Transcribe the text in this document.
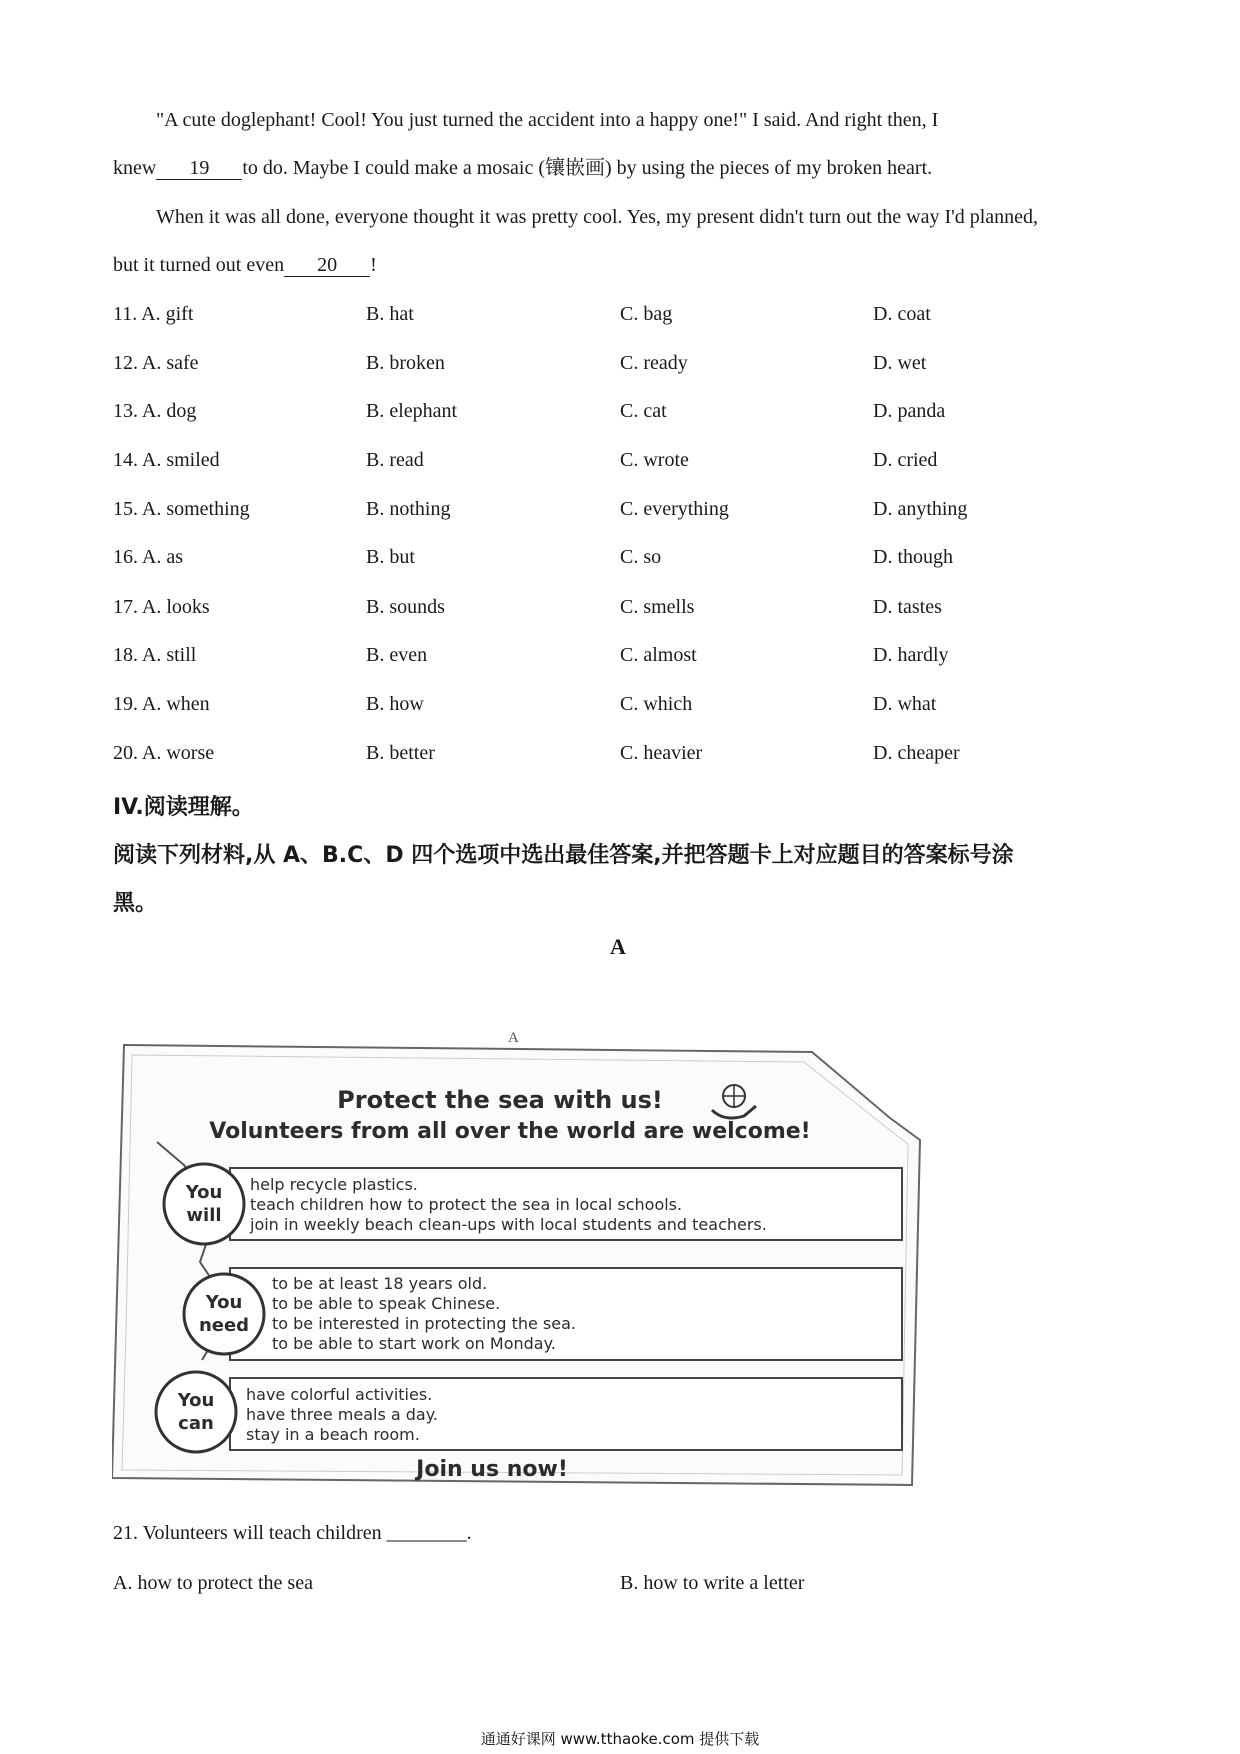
"A cute doglephant! Cool! You just turned the accident into a happy one!" I said. And right then, I
knew 19 to do. Maybe I could make a mosaic (镶嵌画) by using the pieces of my broken heart.
When it was all done, everyone thought it was pretty cool. Yes, my present didn't turn out the way I'd planned,
but it turned out even 20 !
11. A. gift	B. hat	C. bag	D. coat
12. A. safe	B. broken	C. ready	D. wet
13. A. dog	B. elephant	C. cat	D. panda
14. A. smiled	B. read	C. wrote	D. cried
15. A. something	B. nothing	C. everything	D. anything
16. A. as	B. but	C. so	D. though
17. A. looks	B. sounds	C. smells	D. tastes
18. A. still	B. even	C. almost	D. hardly
19. A. when	B. how	C. which	D. what
20. A. worse	B. better	C. heavier	D. cheaper
IV.阅读理解。
阅读下列材料,从 A、B.C、D 四个选项中选出最佳答案,并把答题卡上对应题目的答案标号涂
黑。
A
A
Protect the sea with us!
Volunteers from all over the world are welcome!
You
will
help recycle plastics.
teach children how to protect the sea in local schools.
join in weekly beach clean-ups with local students and teachers.
You
need
to be at least 18 years old.
to be able to speak Chinese.
to be interested in protecting the sea.
to be able to start work on Monday.
You
can
have colorful activities.
have three meals a day.
stay in a beach room.
Join us now!
21. Volunteers will teach children ________.
A. how to protect the sea	B. how to write a letter
通通好课网 www.tthaoke.com 提供下载
